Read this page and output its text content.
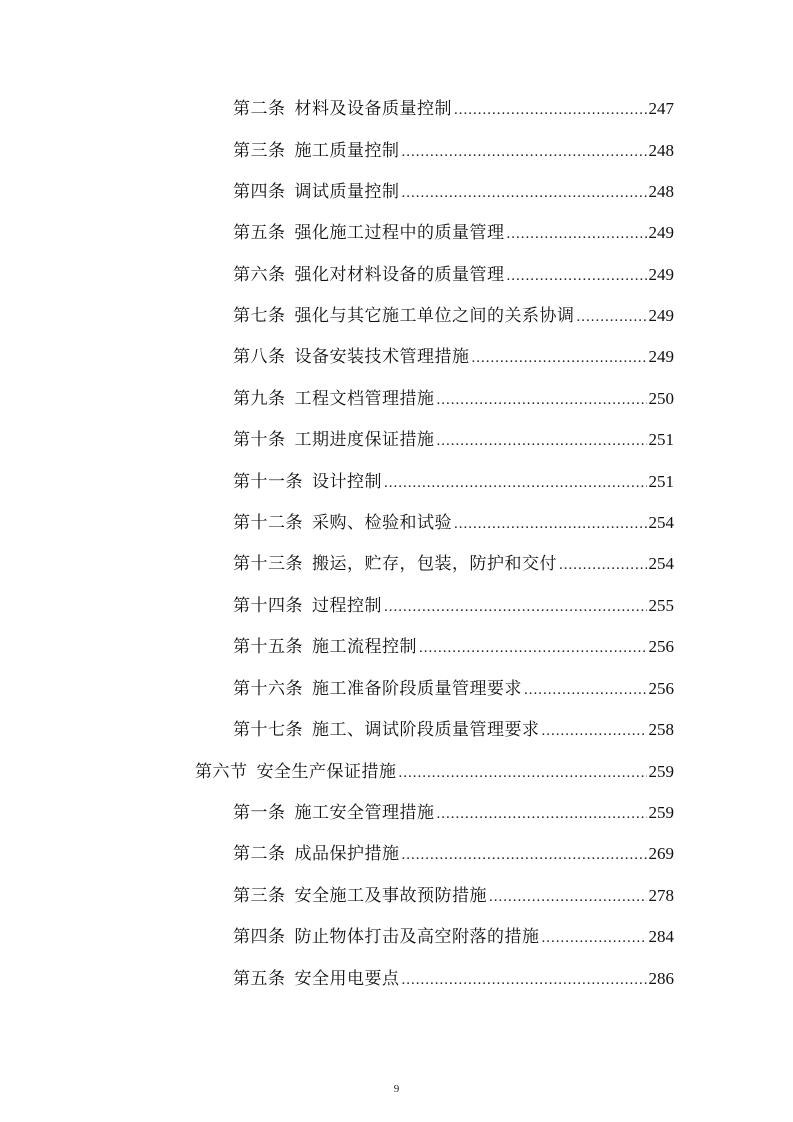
第二条 材料及设备质量控制 .....	247
第三条 施工质量控制 .....	248
第四条 调试质量控制 .....	248
第五条 强化施工过程中的质量管理 .....	249
第六条 强化对材料设备的质量管理 .....	249
第七条 强化与其它施工单位之间的关系协调 .....	249
第八条 设备安装技术管理措施 .....	249
第九条 工程文档管理措施 .....	250
第十条 工期进度保证措施 .....	251
第十一条 设计控制 .....	251
第十二条 采购、检验和试验 .....	254
第十三条 搬运，贮存，包装，防护和交付 .....	254
第十四条 过程控制 .....	255
第十五条 施工流程控制 .....	256
第十六条 施工准备阶段质量管理要求 .....	256
第十七条 施工、调试阶段质量管理要求 .....	258
第六节 安全生产保证措施 .....	259
第一条 施工安全管理措施 .....	259
第二条 成品保护措施 .....	269
第三条 安全施工及事故预防措施 .....	278
第四条 防止物体打击及高空附落的措施 .....	284
第五条 安全用电要点 .....	286
9
